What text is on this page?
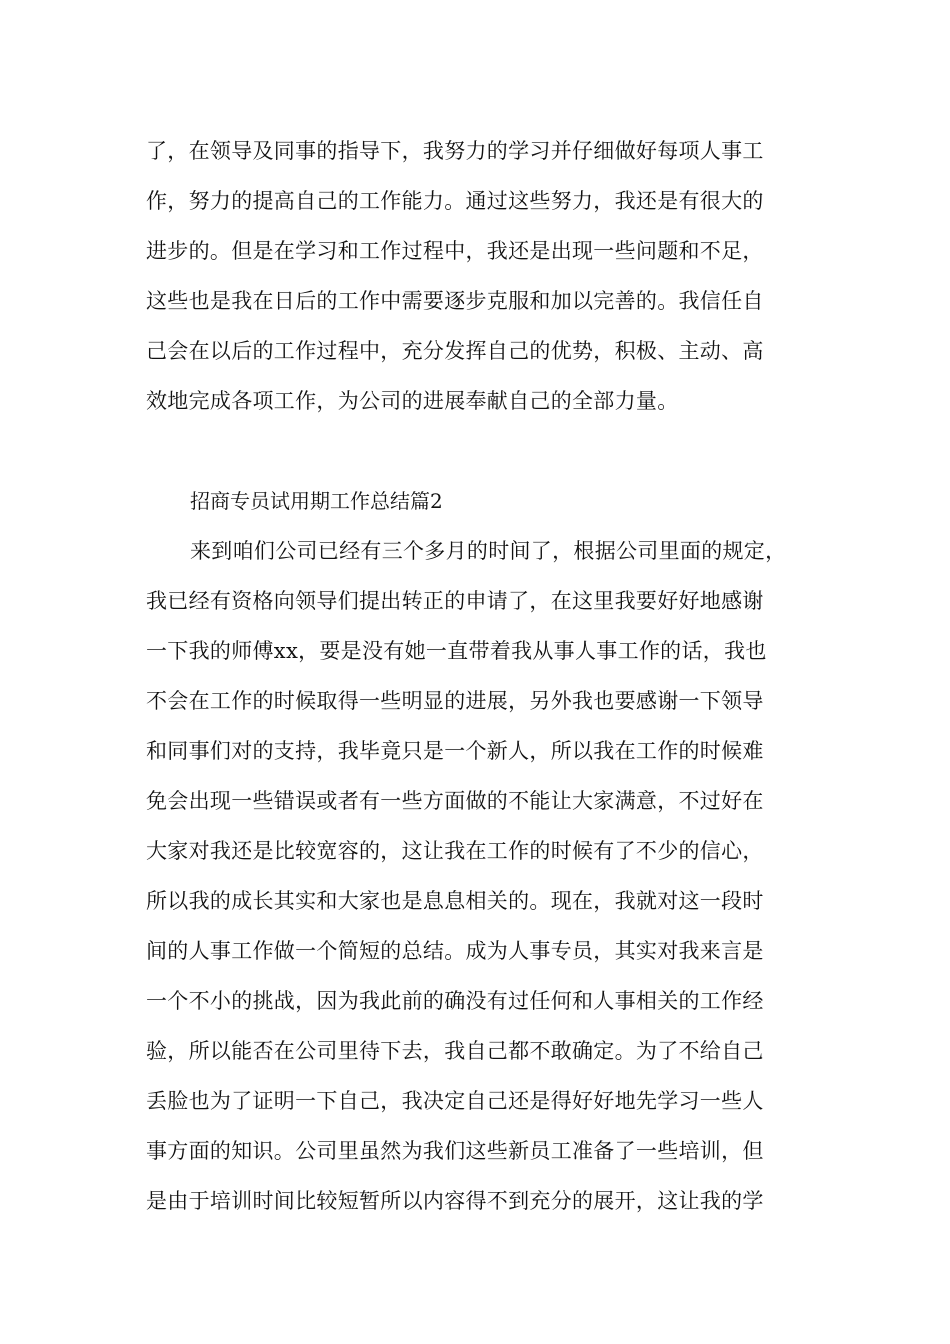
了，在领导及同事的指导下，我努力的学习并仔细做好每项人事工
作，努力的提高自己的工作能力。通过这些努力，我还是有很大的
进步的。但是在学习和工作过程中，我还是出现一些问题和不足，
这些也是我在日后的工作中需要逐步克服和加以完善的。我信任自
己会在以后的工作过程中，充分发挥自己的优势，积极、主动、高
效地完成各项工作，为公司的进展奉献自己的全部力量。
招商专员试用期工作总结篇2
来到咱们公司已经有三个多月的时间了，根据公司里面的规定，
我已经有资格向领导们提出转正的申请了，在这里我要好好地感谢
一下我的师傅xx，要是没有她一直带着我从事人事工作的话，我也
不会在工作的时候取得一些明显的进展，另外我也要感谢一下领导
和同事们对的支持，我毕竟只是一个新人，所以我在工作的时候难
免会出现一些错误或者有一些方面做的不能让大家满意，不过好在
大家对我还是比较宽容的，这让我在工作的时候有了不少的信心，
所以我的成长其实和大家也是息息相关的。现在，我就对这一段时
间的人事工作做一个简短的总结。成为人事专员，其实对我来言是
一个不小的挑战，因为我此前的确没有过任何和人事相关的工作经
验，所以能否在公司里待下去，我自己都不敢确定。为了不给自己
丢脸也为了证明一下自己，我决定自己还是得好好地先学习一些人
事方面的知识。公司里虽然为我们这些新员工准备了一些培训，但
是由于培训时间比较短暂所以内容得不到充分的展开，这让我的学
